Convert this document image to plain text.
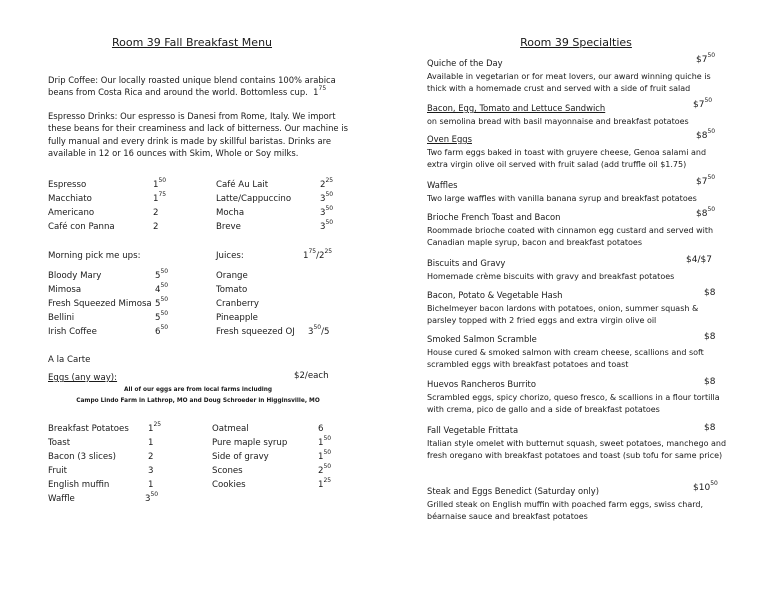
Room 39 Fall Breakfast Menu
Drip Coffee: Our locally roasted unique blend contains 100% arabica beans from Costa Rica and around the world. Bottomless cup. $1^{75}$
Espresso Drinks: Our espresso is Danesi from Rome, Italy. We import these beans for their creaminess and lack of bitterness. Our machine is fully manual and every drink is made by skillful baristas. Drinks are available in 12 or 16 ounces with Skim, Whole or Soy milks.
Espresso	$1^{50}$
Macchiato	$1^{75}$
Americano	2
Café con Panna	2
Café Au Lait	$2^{25}$
Latte/Cappuccino	$3^{50}$
Mocha	$3^{50}$
Breve	$3^{50}$
Morning pick me ups:	Juices:	$1^{75}/2^{25}$
Bloody Mary	$5^{50}$
Mimosa	$4^{50}$
Fresh Squeezed Mimosa $5^{50}$
Bellini	$5^{50}$
Irish Coffee	$6^{50}$
Orange
Tomato
Cranberry
Pineapple
Fresh squeezed OJ $3^{50}/5$
A la Carte
Eggs (any way):	$2/each
All of our eggs are from local farms including
Campo Lindo Farm in Lathrop, MO and Doug Schroeder in Higginsville, MO
Breakfast Potatoes $1^{25}$
Toast	1
Bacon (3 slices)	2
Fruit	3
English muffin	1
Waffle	$3^{50}$
Oatmeal	6
Pure maple syrup	$1^{50}$
Side of gravy	$1^{50}$
Scones	$2^{50}$
Cookies	$1^{25}$
Room 39 Specialties
Quiche of the Day	$\$7^{50}$
Available in vegetarian or for meat lovers, our award winning quiche is thick with a homemade crust and served with a side of fruit salad
Bacon, Egg, Tomato and Lettuce Sandwich	$\$7^{50}$
on semolina bread with basil mayonnaise and breakfast potatoes
Oven Eggs	$\$8^{50}$
Two farm eggs baked in toast with gruyere cheese, Genoa salami and extra virgin olive oil served with fruit salad (add truffle oil $1.75)
Waffles	$\$7^{50}$
Two large waffles with vanilla banana syrup and breakfast potatoes
Brioche French Toast and Bacon	$\$8^{50}$
Roommade brioche coated with cinnamon egg custard and served with Canadian maple syrup, bacon and breakfast potatoes
Biscuits and Gravy	$4/$7
Homemade crème biscuits with gravy and breakfast potatoes
Bacon, Potato & Vegetable Hash	$8
Bichelmeyer bacon lardons with potatoes, onion, summer squash & parsley topped with 2 fried eggs and extra virgin olive oil
Smoked Salmon Scramble	$8
House cured & smoked salmon with cream cheese, scallions and soft scrambled eggs with breakfast potatoes and toast
Huevos Rancheros Burrito	$8
Scrambled eggs, spicy chorizo, queso fresco, & scallions in a flour tortilla with crema, pico de gallo and a side of breakfast potatoes
Fall Vegetable Frittata	$8
Italian style omelet with butternut squash, sweet potatoes, manchego and fresh oregano with breakfast potatoes and toast (sub tofu for same price)
Steak and Eggs Benedict (Saturday only)	$\$10^{50}$
Grilled steak on English muffin with poached farm eggs, swiss chard, béarnaise sauce and breakfast potatoes
